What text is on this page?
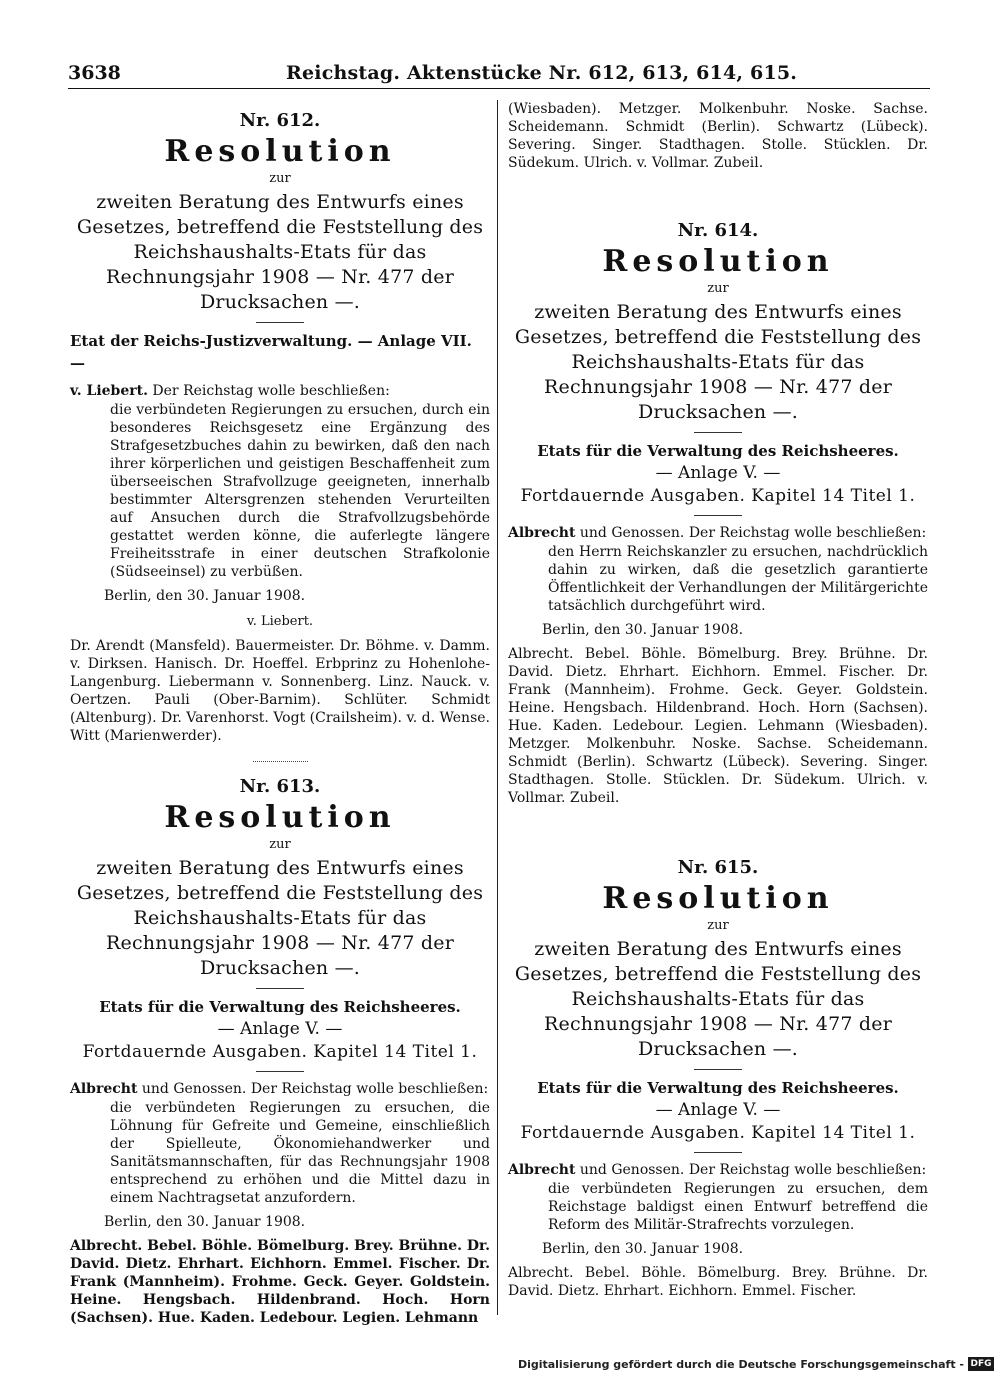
3638	Reichstag. Aktenstücke Nr. 612, 613, 614, 615.

Nr. 612.

Resolution

zur

zweiten Beratung des Entwurfs eines Gesetzes, betreffend die Feststellung des Reichshaushalts-Etats für das Rechnungsjahr 1908 — Nr. 477 der Drucksachen —.

Etat der Reichs-Justizverwaltung. — Anlage VII. —

v. Liebert. Der Reichstag wolle beschließen:

die verbündeten Regierungen zu ersuchen, durch ein besonderes Reichsgesetz eine Ergänzung des Strafgesetzbuches dahin zu bewirken, daß den nach ihrer körperlichen und geistigen Beschaffenheit zum überseeischen Strafvollzuge geeigneten, innerhalb bestimmter Altersgrenzen stehenden Verurteilten auf Ansuchen durch die Strafvollzugsbehörde gestattet werden könne, die auferlegte längere Freiheitsstrafe in einer deutschen Strafkolonie (Südseeinsel) zu verbüßen.

Berlin, den 30. Januar 1908.

v. Liebert.

Dr. Arendt (Mansfeld). Bauermeister. Dr. Böhme. v. Damm. v. Dirksen. Hanisch. Dr. Hoeffel. Erbprinz zu Hohenlohe-Langenburg. Liebermann v. Sonnenberg. Linz. Nauck. v. Oertzen. Pauli (Ober-Barnim). Schlüter. Schmidt (Altenburg). Dr. Varenhorst. Vogt (Crailsheim). v. d. Wense. Witt (Marienwerder).

Nr. 613.

Resolution

zur

zweiten Beratung des Entwurfs eines Gesetzes, betreffend die Feststellung des Reichshaushalts-Etats für das Rechnungsjahr 1908 — Nr. 477 der Drucksachen —.

Etats für die Verwaltung des Reichsheeres.

— Anlage V. —

Fortdauernde Ausgaben. Kapitel 14 Titel 1.

Albrecht und Genossen. Der Reichstag wolle beschließen:

die verbündeten Regierungen zu ersuchen, die Löhnung für Gefreite und Gemeine, einschließlich der Spielleute, Ökonomiehandwerker und Sanitätsmannschaften, für das Rechnungsjahr 1908 entsprechend zu erhöhen und die Mittel dazu in einem Nachtragsetat anzufordern.

Berlin, den 30. Januar 1908.

Albrecht. Bebel. Böhle. Bömelburg. Brey. Brühne. Dr. David. Dietz. Ehrhart. Eichhorn. Emmel. Fischer. Dr. Frank (Mannheim). Frohme. Geck. Geyer. Goldstein. Heine. Hengsbach. Hildenbrand. Hoch. Horn (Sachsen). Hue. Kaden. Ledebour. Legien. Lehmann

(Wiesbaden). Metzger. Molkenbuhr. Noske. Sachse. Scheidemann. Schmidt (Berlin). Schwartz (Lübeck). Severing. Singer. Stadthagen. Stolle. Stücklen. Dr. Südekum. Ulrich. v. Vollmar. Zubeil.

Nr. 614.

Resolution

zur

zweiten Beratung des Entwurfs eines Gesetzes, betreffend die Feststellung des Reichshaushalts-Etats für das Rechnungsjahr 1908 — Nr. 477 der Drucksachen —.

Etats für die Verwaltung des Reichsheeres.

— Anlage V. —

Fortdauernde Ausgaben. Kapitel 14 Titel 1.

Albrecht und Genossen. Der Reichstag wolle beschließen:

den Herrn Reichskanzler zu ersuchen, nachdrücklich dahin zu wirken, daß die gesetzlich garantierte Öffentlichkeit der Verhandlungen der Militärgerichte tatsächlich durchgeführt wird.

Berlin, den 30. Januar 1908.

Albrecht. Bebel. Böhle. Bömelburg. Brey. Brühne. Dr. David. Dietz. Ehrhart. Eichhorn. Emmel. Fischer. Dr. Frank (Mannheim). Frohme. Geck. Geyer. Goldstein. Heine. Hengsbach. Hildenbrand. Hoch. Horn (Sachsen). Hue. Kaden. Ledebour. Legien. Lehmann (Wiesbaden). Metzger. Molkenbuhr. Noske. Sachse. Scheidemann. Schmidt (Berlin). Schwartz (Lübeck). Severing. Singer. Stadthagen. Stolle. Stücklen. Dr. Südekum. Ulrich. v. Vollmar. Zubeil.

Nr. 615.

Resolution

zur

zweiten Beratung des Entwurfs eines Gesetzes, betreffend die Feststellung des Reichshaushalts-Etats für das Rechnungsjahr 1908 — Nr. 477 der Drucksachen —.

Etats für die Verwaltung des Reichsheeres.

— Anlage V. —

Fortdauernde Ausgaben. Kapitel 14 Titel 1.

Albrecht und Genossen. Der Reichstag wolle beschließen:

die verbündeten Regierungen zu ersuchen, dem Reichstage baldigst einen Entwurf betreffend die Reform des Militär-Strafrechts vorzulegen.

Berlin, den 30. Januar 1908.

Albrecht. Bebel. Böhle. Bömelburg. Brey. Brühne. Dr. David. Dietz. Ehrhart. Eichhorn. Emmel. Fischer.

Digitalisierung gefördert durch die Deutsche Forschungsgemeinschaft - DFG
